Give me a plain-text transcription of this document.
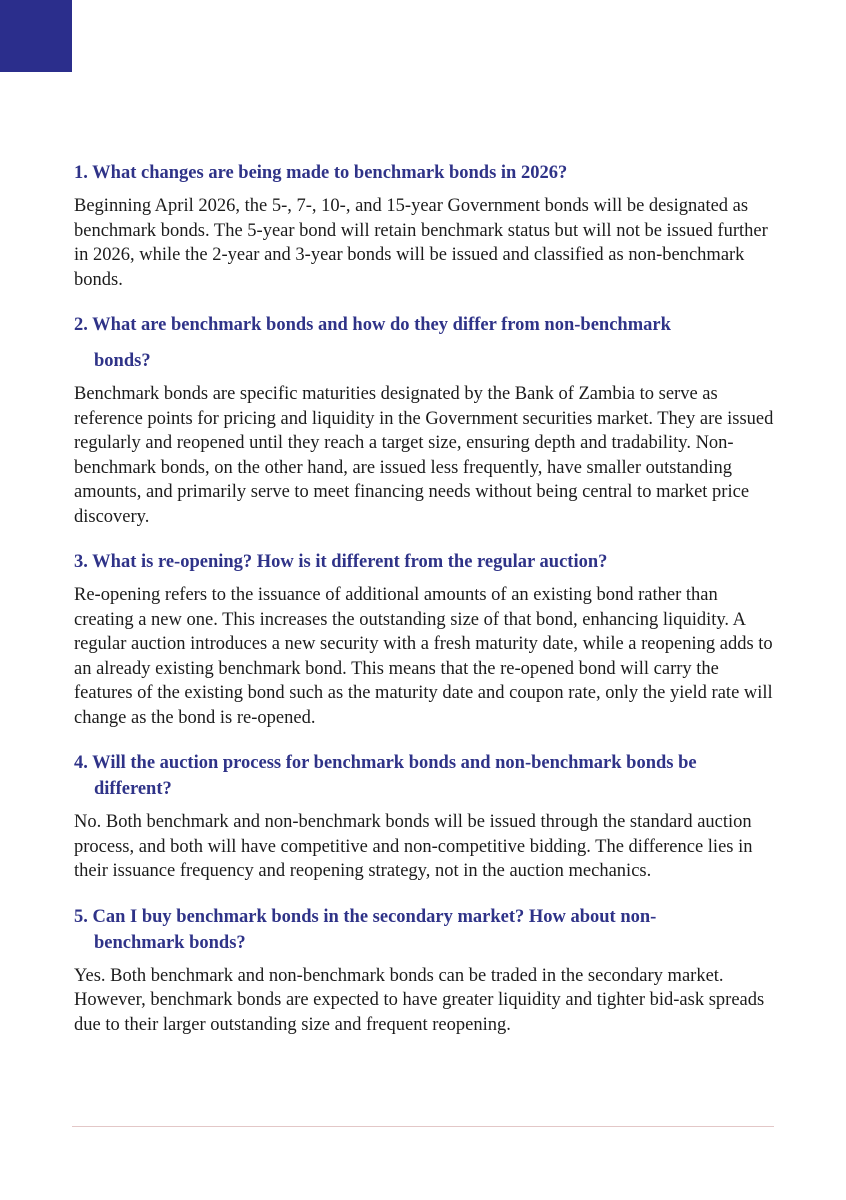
1. What changes are being made to benchmark bonds in 2026?

Beginning April 2026, the 5-, 7-, 10-, and 15-year Government bonds will be designated as benchmark bonds. The 5-year bond will retain benchmark status but will not be issued further in 2026, while the 2-year and 3-year bonds will be issued and classified as non-benchmark bonds.

2. What are benchmark bonds and how do they differ from non-benchmark
bonds?

Benchmark bonds are specific maturities designated by the Bank of Zambia to serve as reference points for pricing and liquidity in the Government securities market. They are issued regularly and reopened until they reach a target size, ensuring depth and tradability. Non-benchmark bonds, on the other hand, are issued less frequently, have smaller outstanding amounts, and primarily serve to meet financing needs without being central to market price discovery.

3. What is re-opening? How is it different from the regular auction?

Re-opening refers to the issuance of additional amounts of an existing bond rather than creating a new one. This increases the outstanding size of that bond, enhancing liquidity. A regular auction introduces a new security with a fresh maturity date, while a reopening adds to an already existing benchmark bond. This means that the re-opened bond will carry the features of the existing bond such as the maturity date and coupon rate, only the yield rate will change as the bond is re-opened.

4. Will the auction process for benchmark bonds and non-benchmark bonds be
different?

No. Both benchmark and non-benchmark bonds will be issued through the standard auction process, and both will have competitive and non-competitive bidding. The difference lies in their issuance frequency and reopening strategy, not in the auction mechanics.

5. Can I buy benchmark bonds in the secondary market? How about non-
benchmark bonds?

Yes. Both benchmark and non-benchmark bonds can be traded in the secondary market. However, benchmark bonds are expected to have greater liquidity and tighter bid-ask spreads due to their larger outstanding size and frequent reopening.
